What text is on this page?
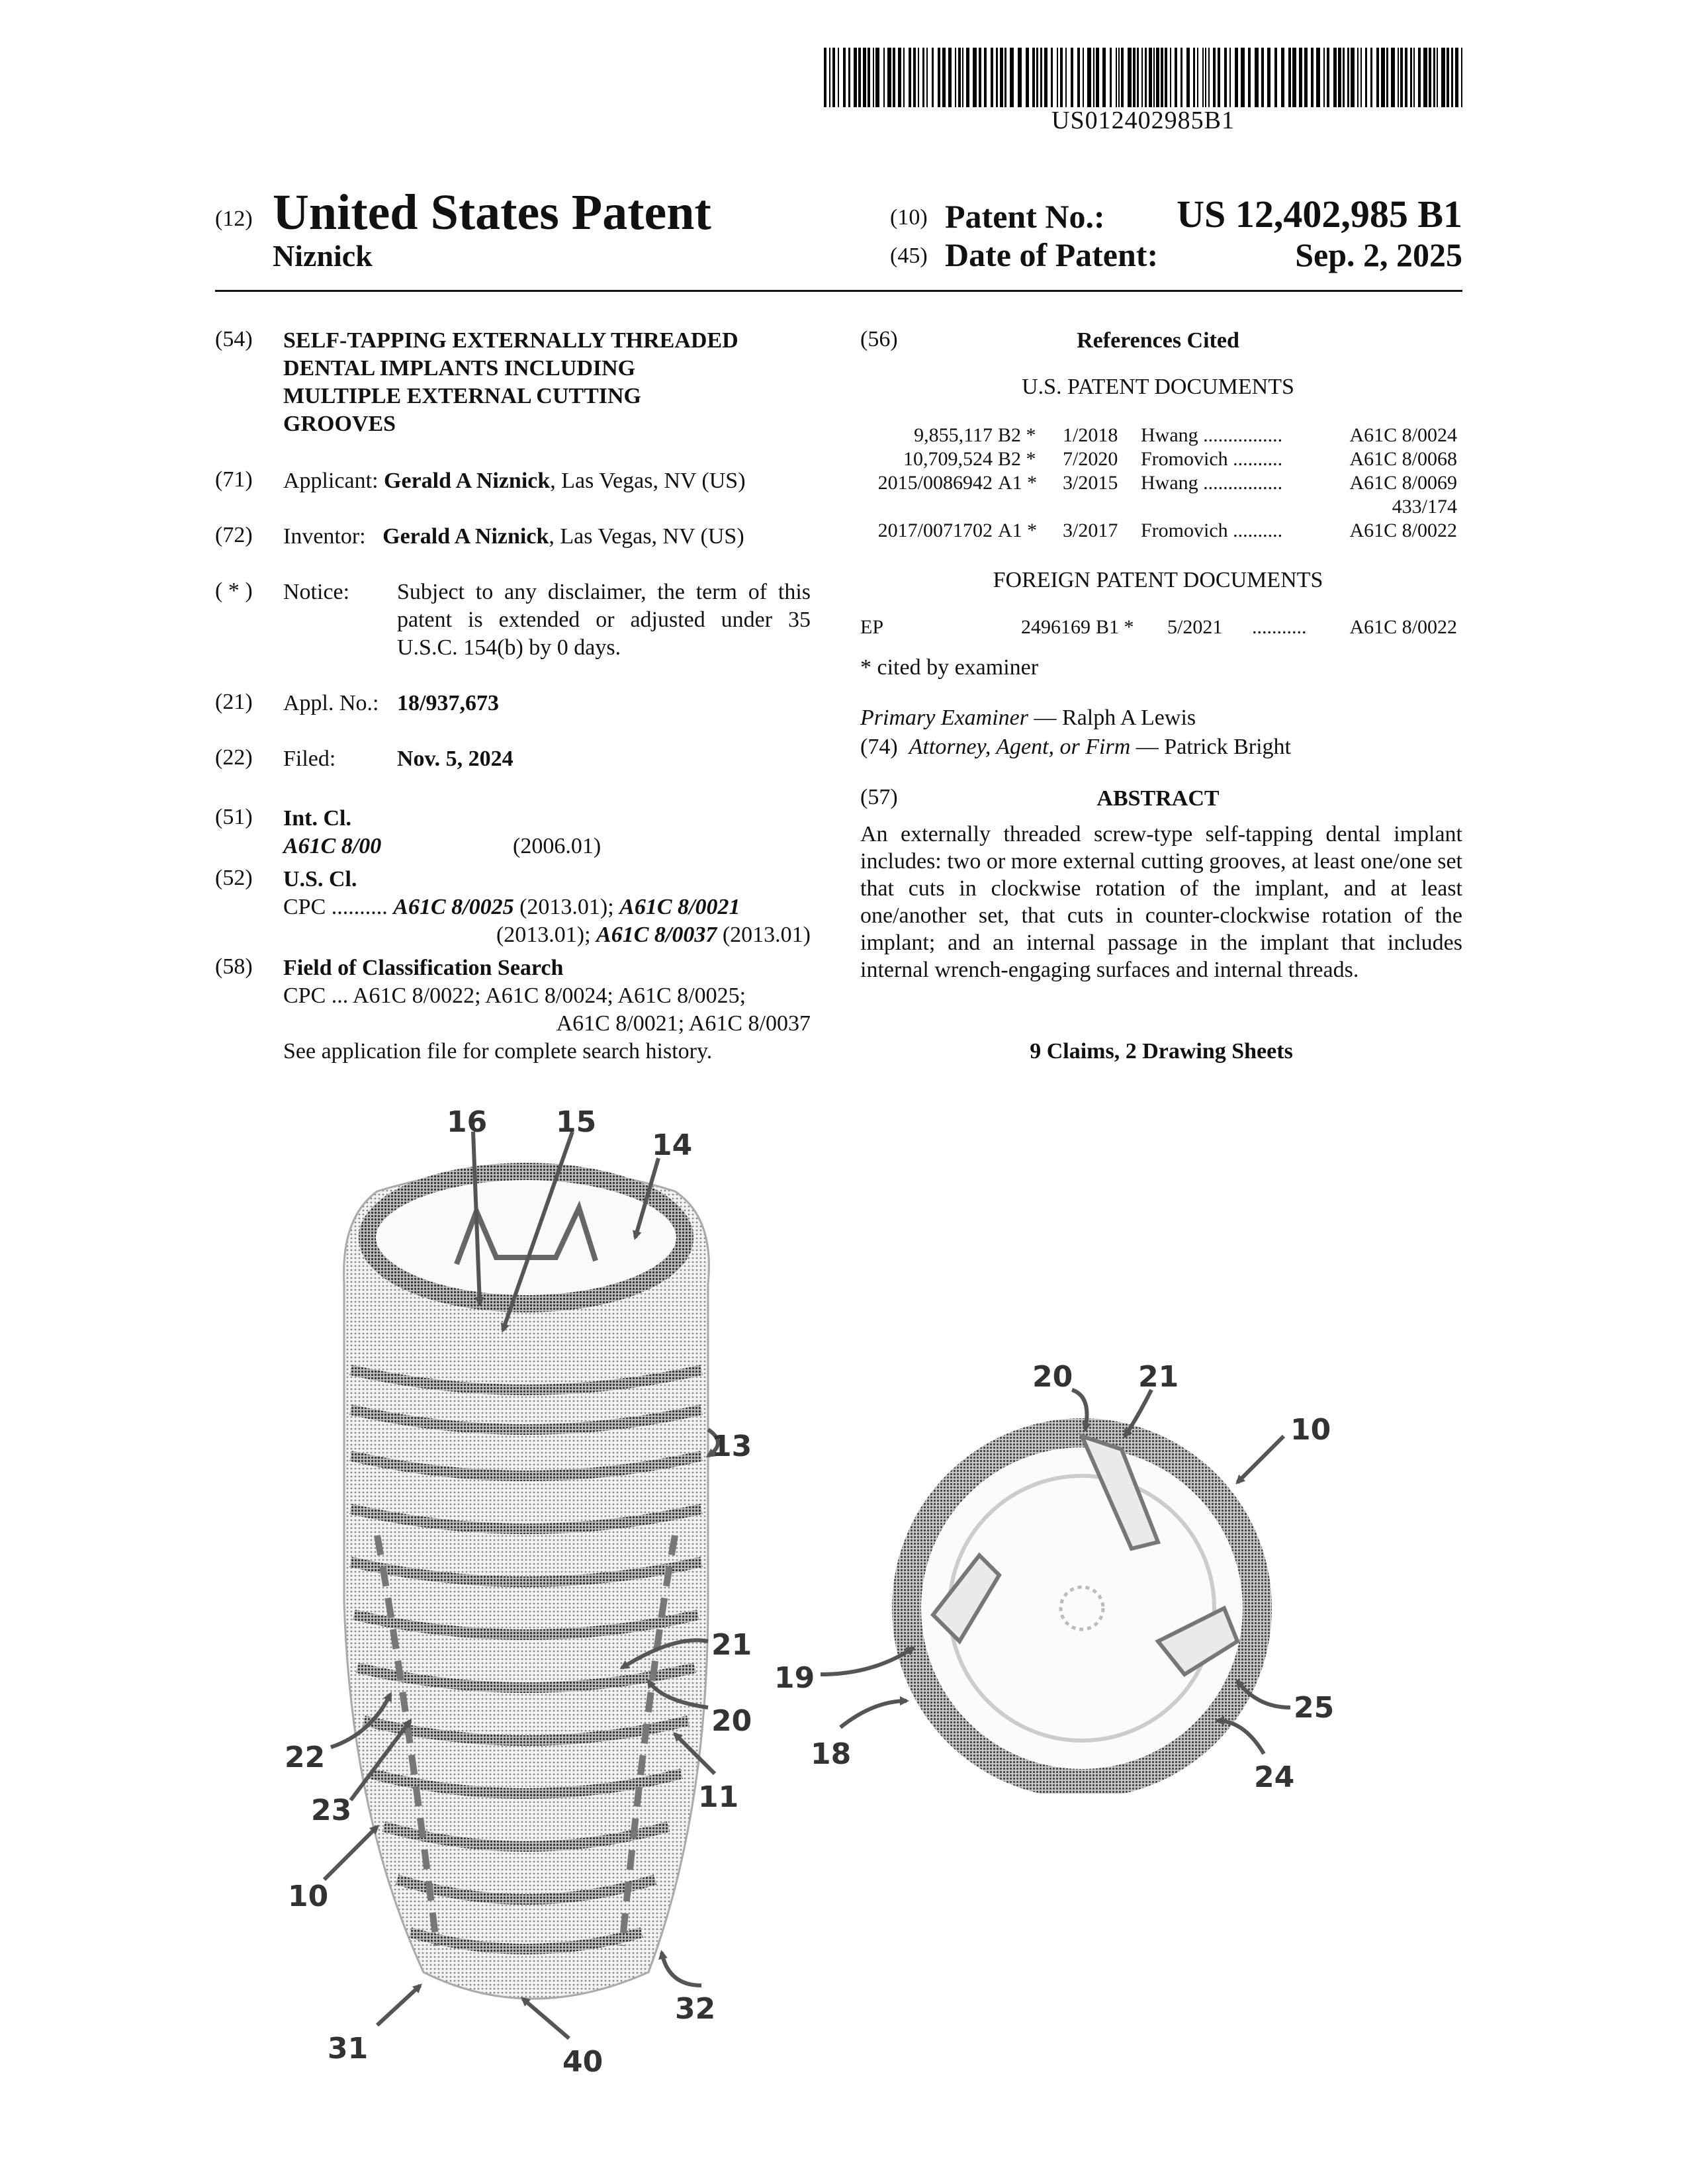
US012402985B1
(12) United States Patent
Niznick
(10) Patent No.: US 12,402,985 B1
(45) Date of Patent:	Sep. 2, 2025
(54) SELF-TAPPING EXTERNALLY THREADED
DENTAL IMPLANTS INCLUDING
MULTIPLE EXTERNAL CUTTING
GROOVES
(71) Applicant: Gerald A Niznick, Las Vegas, NV (US)
(72) Inventor: Gerald A Niznick, Las Vegas, NV (US)
( * ) Notice: Subject to any disclaimer, the term of this
patent is extended or adjusted under 35
U.S.C. 154(b) by 0 days.
(21) Appl. No.: 18/937,673
(22) Filed:	Nov. 5, 2024
(51) Int. Cl.
A61C 8/00	(2006.01)
(52) U.S. Cl.
CPC .......... A61C 8/0025 (2013.01); A61C 8/0021
(2013.01); A61C 8/0037 (2013.01)
(58) Field of Classification Search
CPC ... A61C 8/0022; A61C 8/0024; A61C 8/0025;
A61C 8/0021; A61C 8/0037
See application file for complete search history.
(56)	References Cited
U.S. PATENT DOCUMENTS
9,855,117	B2 *	1/2018	Hwang ................	A61C 8/0024
10,709,524	B2 *	7/2020	Fromovich ..........	A61C 8/0068
2015/0086942	A1 *	3/2015	Hwang ................	A61C 8/0069
				433/174
2017/0071702	A1 *	3/2017	Fromovich ..........	A61C 8/0022
FOREIGN PATENT DOCUMENTS
EP	2496169	B1 *	5/2021	...........	A61C 8/0022
* cited by examiner
Primary Examiner — Ralph A Lewis
(74) Attorney, Agent, or Firm — Patrick Bright
(57)	ABSTRACT
An externally threaded screw-type self-tapping dental implant includes: two or more external cutting grooves, at least one/one set that cuts in clockwise rotation of the implant, and at least one/another set, that cuts in counter-clockwise rotation of the implant; and an internal passage in the implant that includes internal wrench-engaging surfaces and internal threads.
9 Claims, 2 Drawing Sheets
16 15
14
13
21
20
22
11
23
10
32
31	40
20 21
10
19
25
18
24
